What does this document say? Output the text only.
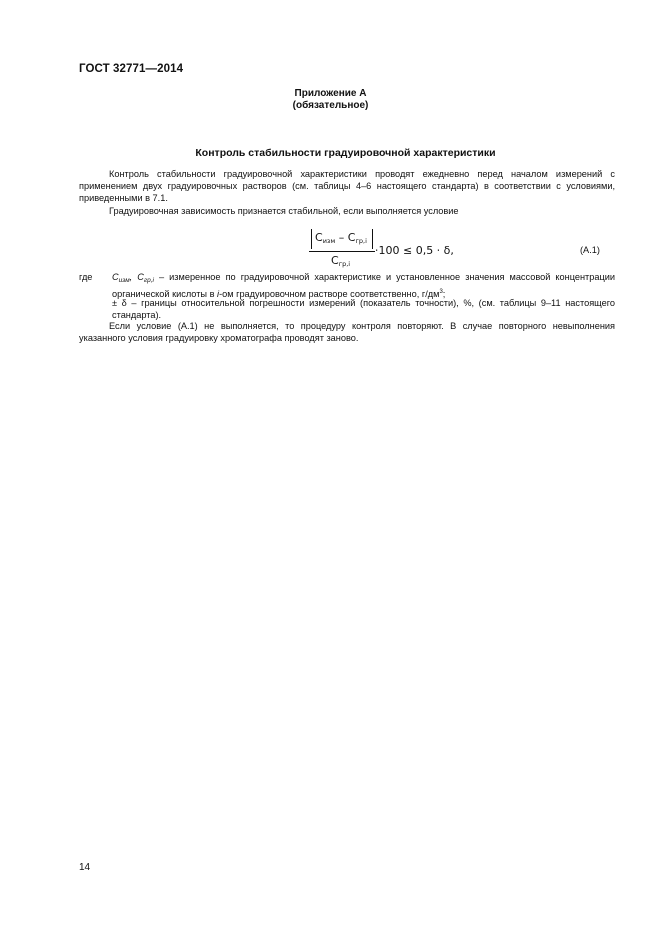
ГОСТ 32771—2014
Приложение А
(обязательное)
Контроль стабильности градуировочной характеристики

Контроль стабильности градуировочной характеристики проводят ежедневно перед началом измерений с применением двух градуировочных растворов (см. таблицы 4–6 настоящего стандарта) в соответствии с условиями, приведенными в 7.1.

Градуировочная зависимость признается стабильной, если выполняется условие

$С_{изм} - С_{гр,i}$
$С_{гр,i}$
⋅100 ≤ 0,5 ⋅ δ,	(А.1)
где $С_{изм}$, $С_{гр,i}$ – измеренное по градуировочной характеристике и установленное значения массовой концентрации органической кислоты в i-ом градуировочном растворе соответственно, $г/дм^3$;

± δ – границы относительной погрешности измерений (показатель точности), %, (см. таблицы 9–11 настоящего стандарта).

Если условие (А.1) не выполняется, то процедуру контроля повторяют. В случае повторного невыполнения указанного условия градуировку хроматографа проводят заново.

14
